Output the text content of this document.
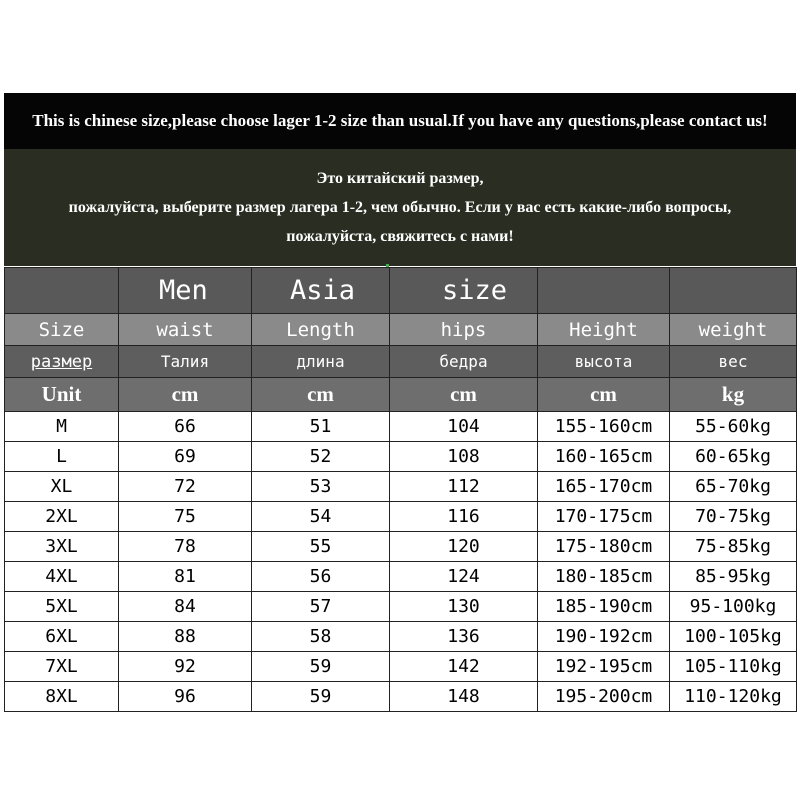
This is chinese size,please choose lager 1-2 size than usual.If you have any questions,please contact us!
Это китайский размер,
пожалуйста, выберите размер лагера 1-2, чем обычно. Если у вас есть какие-либо вопросы,
пожалуйста, свяжитесь с нами!
	Men	Asia	size		
Size	waist	Length	hips	Height	weight
размер	Талия	длина	бедра	высота	вес
Unit	cm	cm	cm	cm	kg
M	66	51	104	155-160cm	55-60kg
L	69	52	108	160-165cm	60-65kg
XL	72	53	112	165-170cm	65-70kg
2XL	75	54	116	170-175cm	70-75kg
3XL	78	55	120	175-180cm	75-85kg
4XL	81	56	124	180-185cm	85-95kg
5XL	84	57	130	185-190cm	95-100kg
6XL	88	58	136	190-192cm	100-105kg
7XL	92	59	142	192-195cm	105-110kg
8XL	96	59	148	195-200cm	110-120kg
